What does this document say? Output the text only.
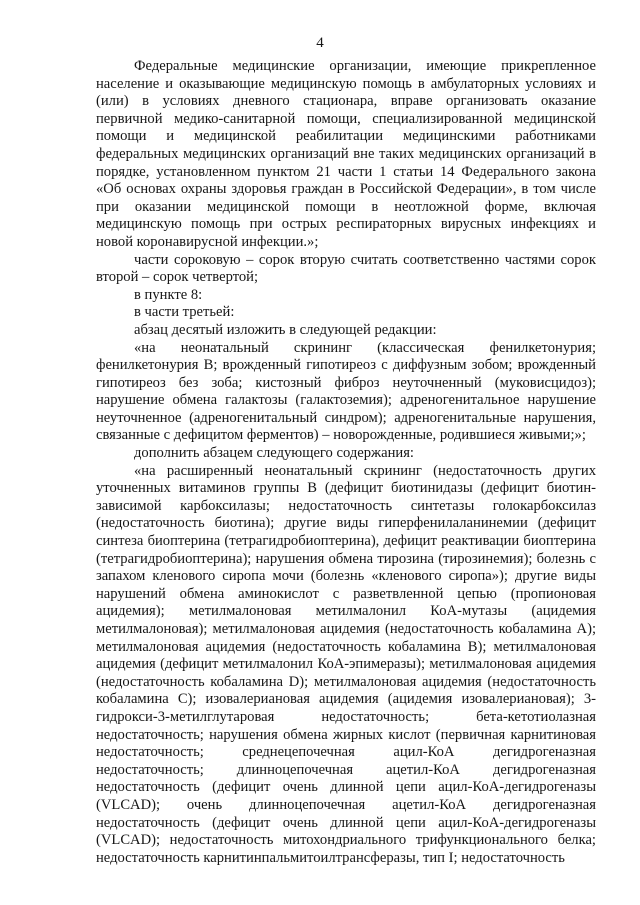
4

Федеральные медицинские организации, имеющие прикрепленное население и оказывающие медицинскую помощь в амбулаторных условиях и (или) в условиях дневного стационара, вправе организовать оказание первичной медико-санитарной помощи, специализированной медицинской помощи и медицинской реабилитации медицинскими работниками федеральных медицинских организаций вне таких медицинских организаций в порядке, установленном пунктом 21 части 1 статьи 14 Федерального закона «Об основах охраны здоровья граждан в Российской Федерации», в том числе при оказании медицинской помощи в неотложной форме, включая медицинскую помощь при острых респираторных вирусных инфекциях и новой коронавирусной инфекции.»;

части сороковую – сорок вторую считать соответственно частями сорок второй – сорок четвертой;

в пункте 8:

в части третьей:

абзац десятый изложить в следующей редакции:

«на неонатальный скрининг (классическая фенилкетонурия; фенилкетонурия В; врожденный гипотиреоз с диффузным зобом; врожденный гипотиреоз без зоба; кистозный фиброз неуточненный (муковисцидоз); нарушение обмена галактозы (галактоземия); адреногенитальное нарушение неуточненное (адреногенитальный синдром); адреногенитальные нарушения, связанные с дефицитом ферментов) – новорожденные, родившиеся живыми;»;

дополнить абзацем следующего содержания:

«на расширенный неонатальный скрининг (недостаточность других уточненных витаминов группы В (дефицит биотинидазы (дефицит биотин-зависимой карбоксилазы; недостаточность синтетазы голокарбоксилаз (недостаточность биотина); другие виды гиперфенилаланинемии (дефицит синтеза биоптерина (тетрагидробиоптерина), дефицит реактивации биоптерина (тетрагидробиоптерина); нарушения обмена тирозина (тирозинемия); болезнь с запахом кленового сиропа мочи (болезнь «кленового сиропа»); другие виды нарушений обмена аминокислот с разветвленной цепью (пропионовая ацидемия); метилмалоновая метилмалонил КоА-мутазы (ацидемия метилмалоновая); метилмалоновая ацидемия (недостаточность кобаламина А); метилмалоновая ацидемия (недостаточность кобаламина В); метилмалоновая ацидемия (дефицит метилмалонил КоА-эпимеразы); метилмалоновая ацидемия (недостаточность кобаламина D); метилмалоновая ацидемия (недостаточность кобаламина С); изовалериановая ацидемия (ацидемия изовалериановая); 3-гидрокси-3-метилглутаровая недостаточность; бета-кетотиолазная недостаточность; нарушения обмена жирных кислот (первичная карнитиновая недостаточность; среднецепочечная ацил-КоА дегидрогеназная недостаточность; длинноцепочечная ацетил-КоА дегидрогеназная недостаточность (дефицит очень длинной цепи ацил-КоА-дегидрогеназы (VLCAD); очень длинноцепочечная ацетил-КоА дегидрогеназная недостаточность (дефицит очень длинной цепи ацил-КоА-дегидрогеназы (VLCAD); недостаточность митохондриального трифункционального белка; недостаточность карнитинпальмитоилтрансферазы, тип I; недостаточность
